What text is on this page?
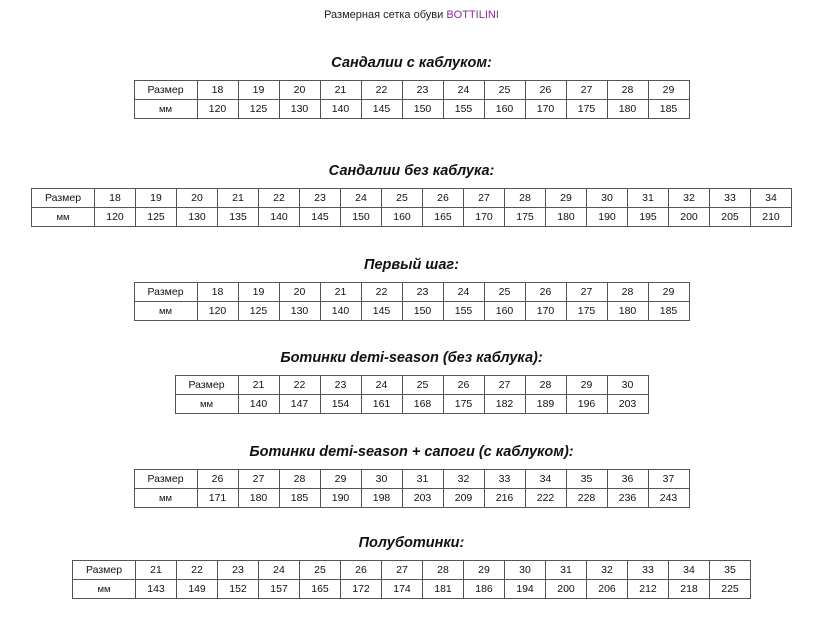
Размерная сетка обуви BOTTILINI
Сандалии с каблуком:
Размер	18	19	20	21	22	23	24	25	26	27	28	29
мм	120	125	130	140	145	150	155	160	170	175	180	185
Сандалии без каблука:
Размер	18	19	20	21	22	23	24	25	26	27	28	29	30	31	32	33	34
мм	120	125	130	135	140	145	150	160	165	170	175	180	190	195	200	205	210
Первый шаг:
Размер	18	19	20	21	22	23	24	25	26	27	28	29
мм	120	125	130	140	145	150	155	160	170	175	180	185
Ботинки demi-season (без каблука):
Размер	21	22	23	24	25	26	27	28	29	30
мм	140	147	154	161	168	175	182	189	196	203
Ботинки demi-season + сапоги (с каблуком):
Размер	26	27	28	29	30	31	32	33	34	35	36	37
мм	171	180	185	190	198	203	209	216	222	228	236	243
Полуботинки:
Размер	21	22	23	24	25	26	27	28	29	30	31	32	33	34	35
мм	143	149	152	157	165	172	174	181	186	194	200	206	212	218	225
